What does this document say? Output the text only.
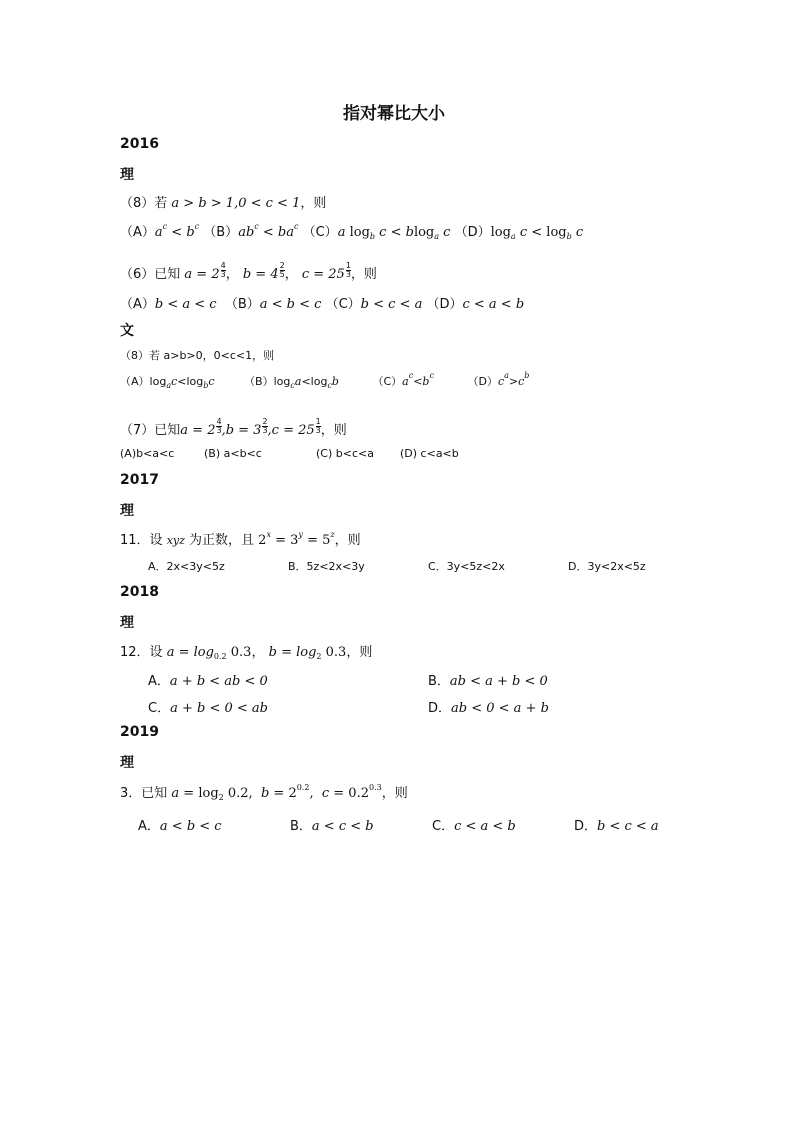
指对幂比大小
2016
理
（8）若 a > b > 1,0 < c < 1，则
$(A)a^c < b^c$ $(B)ab^c < ba^c$ （C）a $\log_b c < blog_a$ c $(D)\log_a$ $c < \log_b c$
（6）已知 $a = 2 \frac{4}{3}$ ， $b = 4 \frac{2}{5}$ ， $c = 25 \frac{1}{3}$ ，则
（A）b < a < c （B）a < b < c （C）b < c < a （D）c < a < b
文
（8）若 a>b>0，0<c<1，则
$(A)\log_ac<\log_bc$	$(B)\log_ca<\log_cb$	$(C)a^c<b^c$	$(D)c^a>c^b$
（7）已知$a = 2 \frac{4}{3} ,b = 3 \frac{2}{3} ,c = 25 \frac{1}{3}$ ，则
(A)b<a<c	(B) a<b<c	(C) b<c<a (D) c<a<b
2017
理
11．设 xyz 为正数，且 $2^x = 3^y = 5^z$，则
A．2x<3y<5z	B．5z<2x<3y	C．3y<5z<2x	D．3y<2x<5z
2018
理
12．设 $a = \log_{0.2} 0.3$， $b = \log_2 0.3$，则
A．a + b < ab < 0	B．ab < a + b < 0
C．a + b < 0 < ab	D．ab < 0 < a + b
2019
理
3．已知 $a = \log_2 0.2$, $b = 2^{0.2}$, $c = 0.2^{0.3}$，则
A．a < b < c	B．a < c < b	C．c < a < b	D．b < c < a
